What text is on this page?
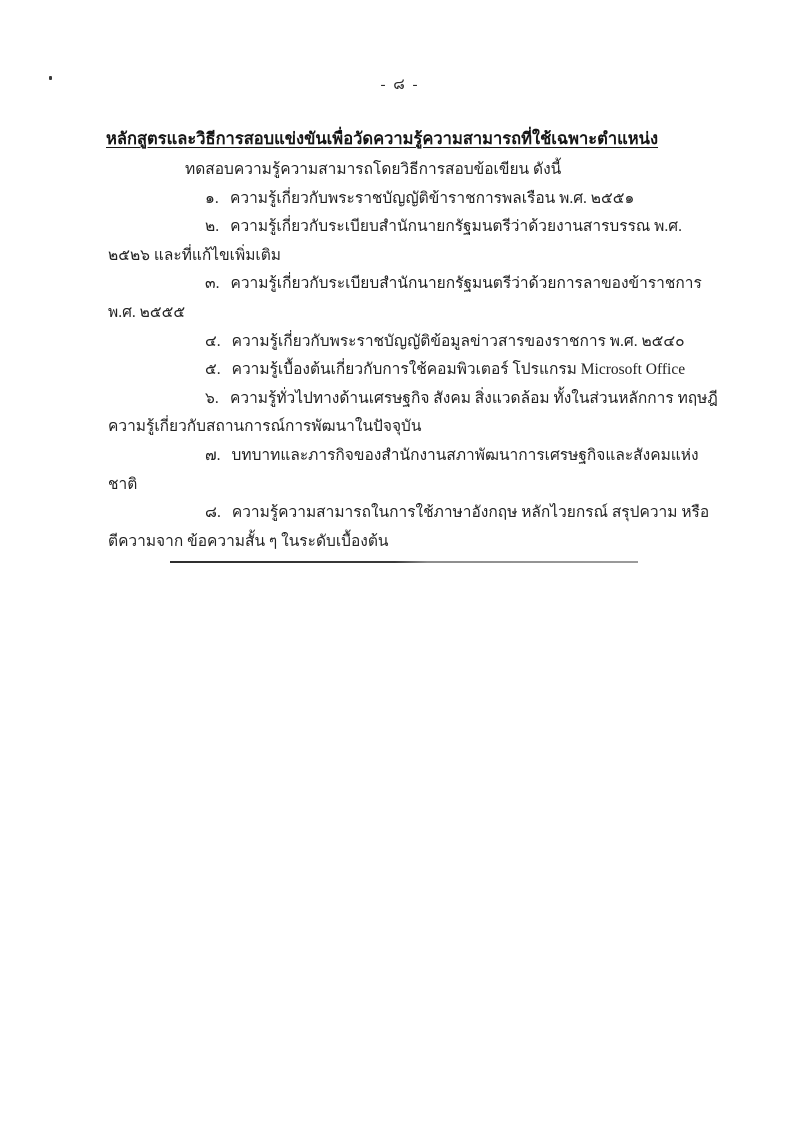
- ๘ -
หลักสูตรและวิธีการสอบแข่งขันเพื่อวัดความรู้ความสามารถที่ใช้เฉพาะตำแหน่ง

ทดสอบความรู้ความสามารถโดยวิธีการสอบข้อเขียน ดังนี้

๑. ความรู้เกี่ยวกับพระราชบัญญัติข้าราชการพลเรือน พ.ศ. ๒๕๕๑

๒. ความรู้เกี่ยวกับระเบียบสำนักนายกรัฐมนตรีว่าด้วยงานสารบรรณ พ.ศ. ๒๕๒๖ และที่แก้ไขเพิ่มเติม

๓. ความรู้เกี่ยวกับระเบียบสำนักนายกรัฐมนตรีว่าด้วยการลาของข้าราชการ พ.ศ. ๒๕๕๕

๔. ความรู้เกี่ยวกับพระราชบัญญัติข้อมูลข่าวสารของราชการ พ.ศ. ๒๕๔๐

๕. ความรู้เบื้องต้นเกี่ยวกับการใช้คอมพิวเตอร์ โปรแกรม Microsoft Office

๖. ความรู้ทั่วไปทางด้านเศรษฐกิจ สังคม สิ่งแวดล้อม ทั้งในส่วนหลักการ ทฤษฎี ความรู้เกี่ยวกับสถานการณ์การพัฒนาในปัจจุบัน

๗. บทบาทและภารกิจของสำนักงานสภาพัฒนาการเศรษฐกิจและสังคมแห่งชาติ

๘. ความรู้ความสามารถในการใช้ภาษาอังกฤษ หลักไวยกรณ์ สรุปความ หรือตีความจาก ข้อความสั้น ๆ ในระดับเบื้องต้น
